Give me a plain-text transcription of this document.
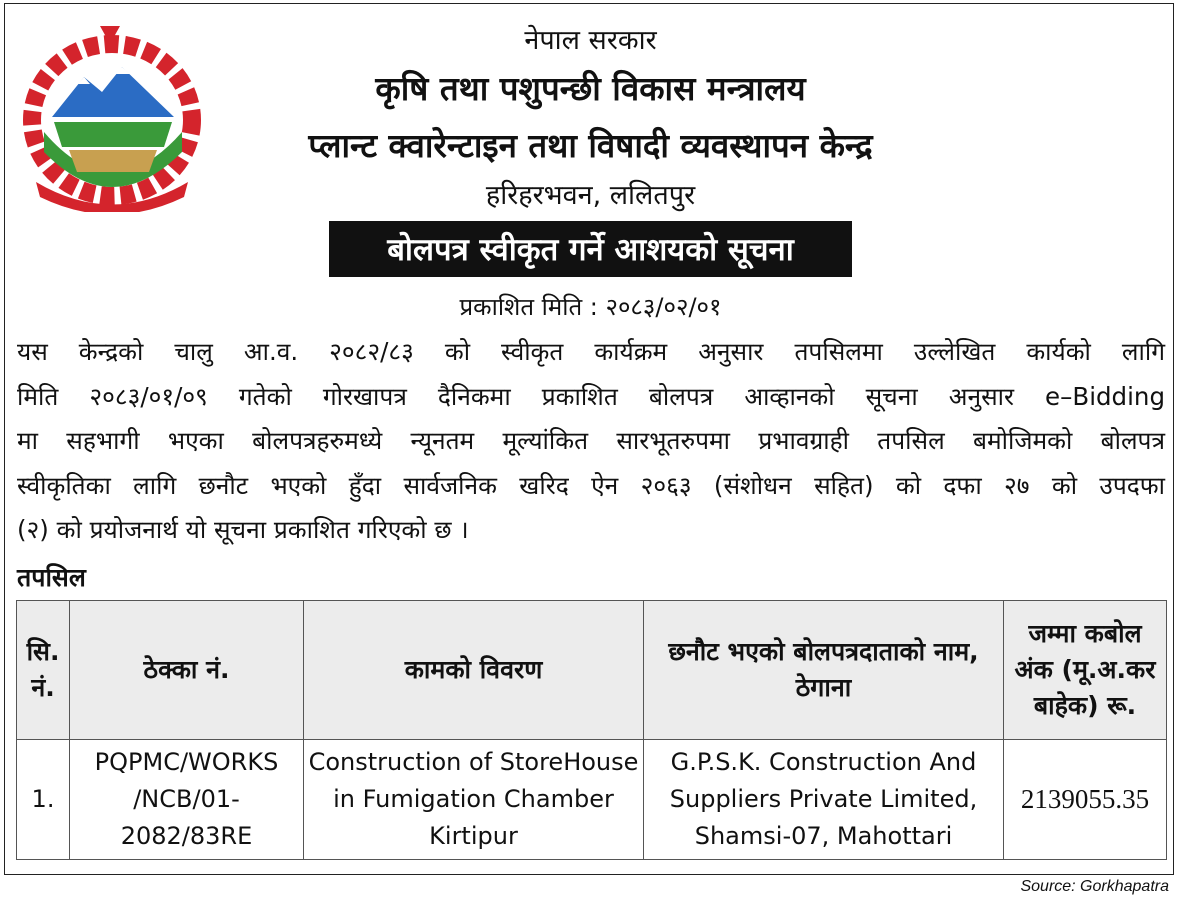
नेपाल सरकार
कृषि तथा पशुपन्छी विकास मन्त्रालय
प्लान्ट क्वारेन्टाइन तथा विषादी व्यवस्थापन केन्द्र
हरिहरभवन, ललितपुर
बोलपत्र स्वीकृत गर्ने आशयको सूचना
प्रकाशित मिति : २०८३/०२/०१
यस केन्द्रको चालु आ.व. २०८२/८३ को स्वीकृत कार्यक्रम अनुसार तपसिलमा उल्लेखित कार्यको लागि
मिति २०८३/०१/०९ गतेको गोरखापत्र दैनिकमा प्रकाशित बोलपत्र आव्हानको सूचना अनुसार e–Bidding
मा सहभागी भएका बोलपत्रहरुमध्ये न्यूनतम मूल्यांकित सारभूतरुपमा प्रभावग्राही तपसिल बमोजिमको बोलपत्र
स्वीकृतिका लागि छनौट भएको हुँदा सार्वजनिक खरिद ऐन २०६३ (संशोधन सहित) को दफा २७ को उपदफा
(२) को प्रयोजनार्थ यो सूचना प्रकाशित गरिएको छ ।
तपसिल
सि. नं.	ठेक्का नं.	कामको विवरण	छनौट भएको बोलपत्रदाताको नाम, ठेगाना	जम्मा कबोल अंक (मू.अ.कर बाहेक) रू.
1.	PQPMC/WORKS /NCB/01-2082/83RE	Construction of StoreHouse in Fumigation Chamber Kirtipur	G.P.S.K. Construction And Suppliers Private Limited, Shamsi-07, Mahottari	2139055.35
Source: Gorkhapatra
